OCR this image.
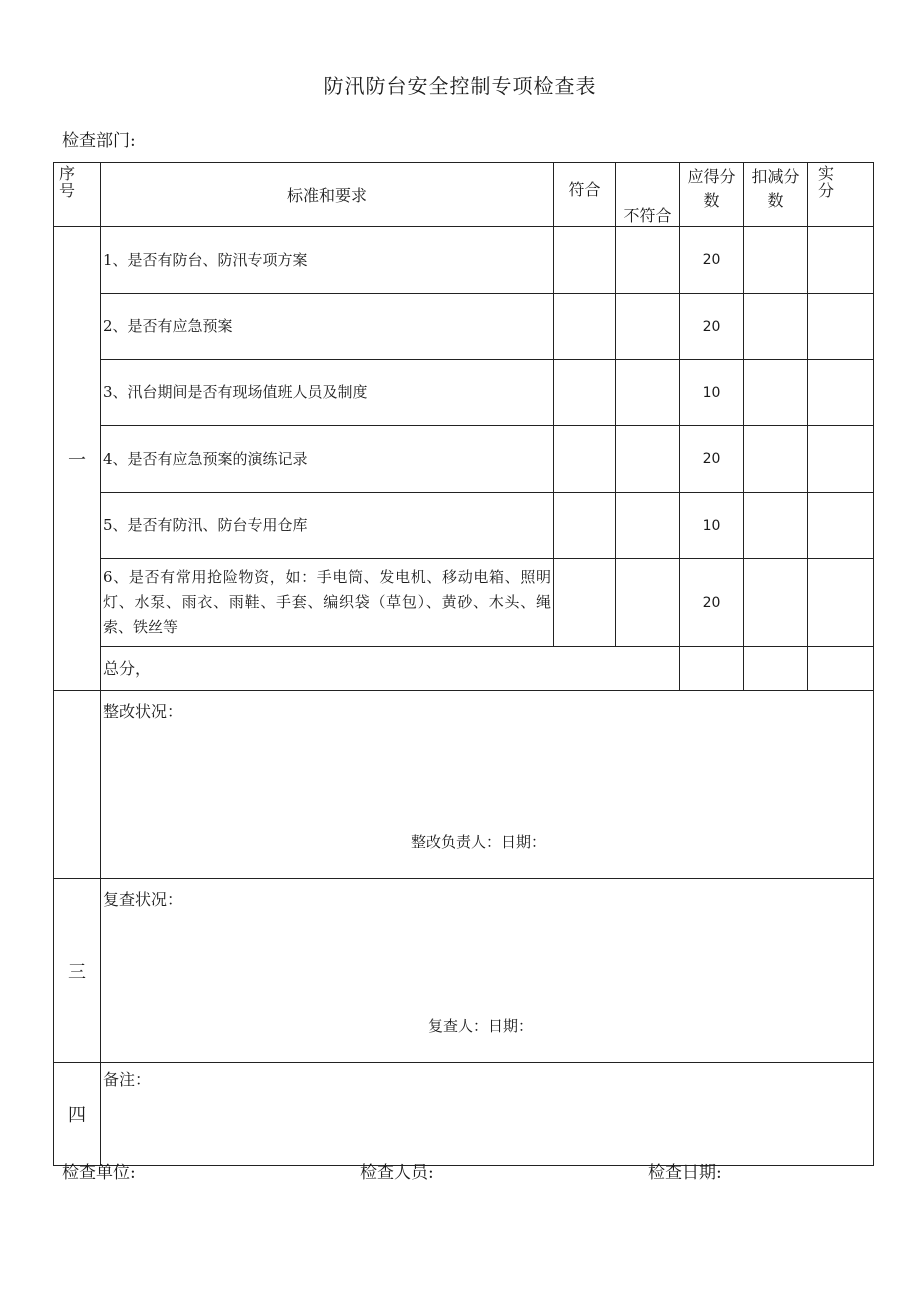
防汛防台安全控制专项检查表
检查部门:
序号	标准和要求	符合	不符合	应得分数	扣减分数	实分

一	1、是否有防台、防汛专项方案			20		
	2、是否有应急预案			20		
	3、汛台期间是否有现场值班人员及制度			10		
	4、是否有应急预案的演练记录			20		
	5、是否有防汛、防台专用仓库			10		
	6、是否有常用抢险物资，如：手电筒、发电机、移动电箱、照明灯、水泵、雨衣、雨鞋、手套、编织袋（草包）、黄砂、木头、绳索、铁丝等			20		
	总分，					

	整改状况：
整改负责人：日期：					

三	复查状况：
复查人：日期：					

四	备注：					
检查单位:	检查人员:	检查日期:
